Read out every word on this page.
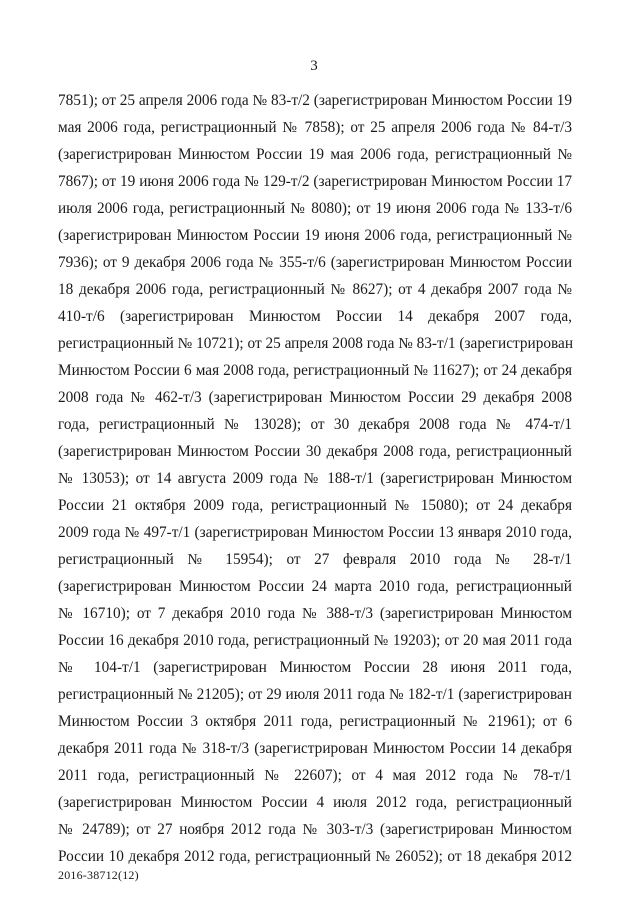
3
7851); от 25 апреля 2006 года № 83-т/2 (зарегистрирован Минюстом России 19
мая 2006 года, регистрационный № 7858); от 25 апреля 2006 года № 84-т/3
(зарегистрирован Минюстом России 19 мая 2006 года, регистрационный №
7867); от 19 июня 2006 года № 129-т/2 (зарегистрирован Минюстом России 17
июля 2006 года, регистрационный № 8080); от 19 июня 2006 года № 133-т/6
(зарегистрирован Минюстом России 19 июня 2006 года, регистрационный №
7936); от 9 декабря 2006 года № 355-т/6 (зарегистрирован Минюстом России
18 декабря 2006 года, регистрационный № 8627); от 4 декабря 2007 года №
410-т/6 (зарегистрирован Минюстом России 14 декабря 2007 года,
регистрационный № 10721); от 25 апреля 2008 года № 83-т/1 (зарегистрирован
Минюстом России 6 мая 2008 года, регистрационный № 11627); от 24 декабря
2008 года № 462-т/3 (зарегистрирован Минюстом России 29 декабря 2008
года, регистрационный № 13028); от 30 декабря 2008 года № 474-т/1
(зарегистрирован Минюстом России 30 декабря 2008 года, регистрационный
№ 13053); от 14 августа 2009 года № 188-т/1 (зарегистрирован Минюстом
России 21 октября 2009 года, регистрационный № 15080); от 24 декабря
2009 года № 497-т/1 (зарегистрирован Минюстом России 13 января 2010 года,
регистрационный № 15954); от 27 февраля 2010 года № 28-т/1
(зарегистрирован Минюстом России 24 марта 2010 года, регистрационный
№ 16710); от 7 декабря 2010 года № 388-т/3 (зарегистрирован Минюстом
России 16 декабря 2010 года, регистрационный № 19203); от 20 мая 2011 года
№ 104-т/1 (зарегистрирован Минюстом России 28 июня 2011 года,
регистрационный № 21205); от 29 июля 2011 года № 182-т/1 (зарегистрирован
Минюстом России 3 октября 2011 года, регистрационный № 21961); от 6
декабря 2011 года № 318-т/3 (зарегистрирован Минюстом России 14 декабря
2011 года, регистрационный № 22607); от 4 мая 2012 года № 78-т/1
(зарегистрирован Минюстом России 4 июля 2012 года, регистрационный
№ 24789); от 27 ноября 2012 года № 303-т/3 (зарегистрирован Минюстом
России 10 декабря 2012 года, регистрационный № 26052); от 18 декабря 2012
2016-38712(12)
